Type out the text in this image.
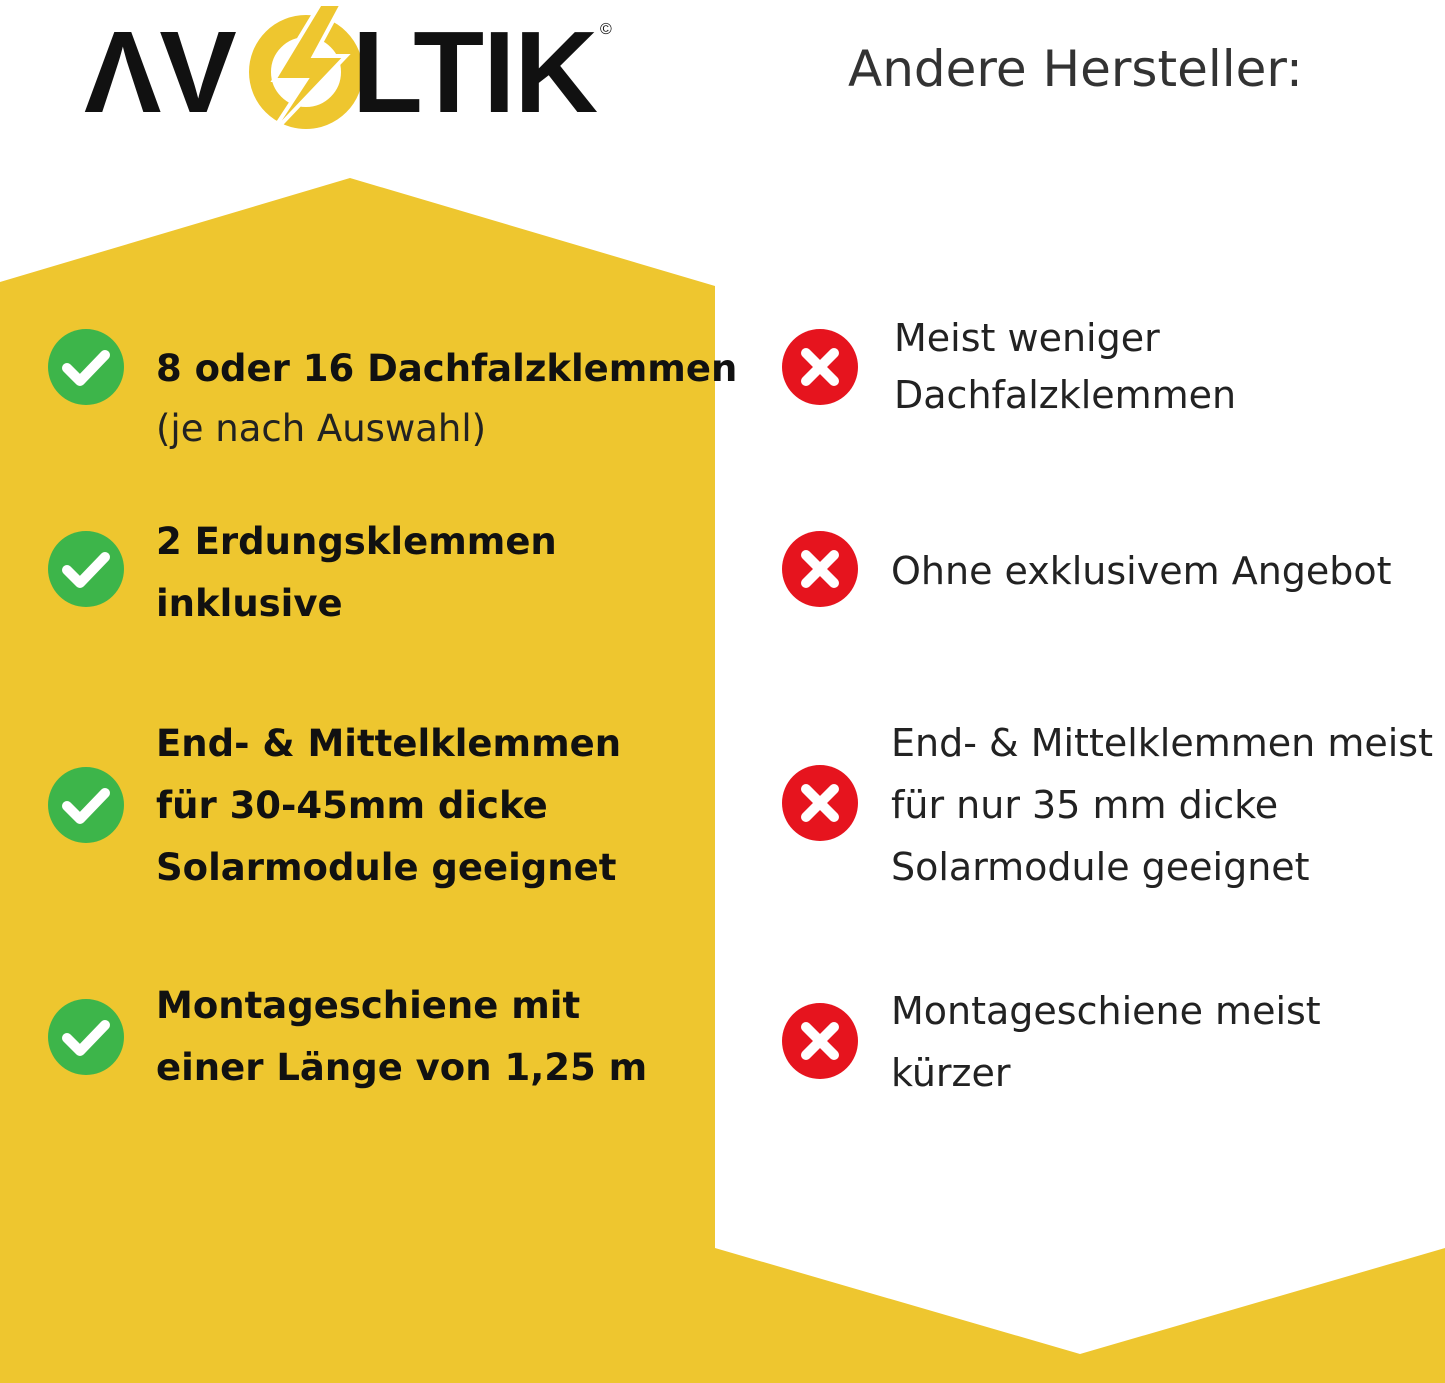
ΛV LTIK ©
Andere Hersteller:
8 oder 16 Dachfalzklemmen
(je nach Auswahl)
2 Erdungsklemmen
inklusive
End- & Mittelklemmen
für 30-45mm dicke
Solarmodule geeignet
Montageschiene mit
einer Länge von 1,25 m
Meist weniger
Dachfalzklemmen
Ohne exklusivem Angebot
End- & Mittelklemmen meist
für nur 35 mm dicke
Solarmodule geeignet
Montageschiene meist
kürzer
